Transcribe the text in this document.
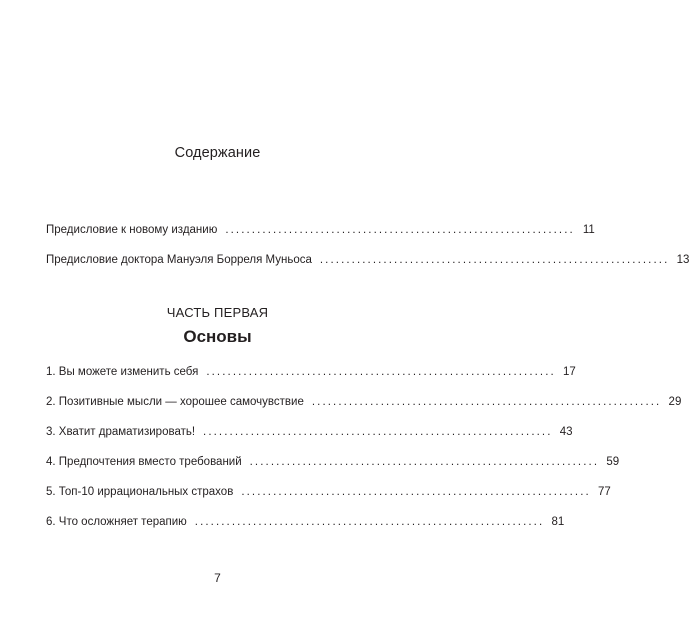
Содержание
Предисловие к новому изданию .................................................................. 11
Предисловие доктора Мануэля Борреля Муньоса .................................................................. 13
ЧАСТЬ ПЕРВАЯ
Основы
1. Вы можете изменить себя .................................................................. 17
2. Позитивные мысли — хорошее самочувствие .................................................................. 29
3. Хватит драматизировать! .................................................................. 43
4. Предпочтения вместо требований .................................................................. 59
5. Топ-10 иррациональных страхов .................................................................. 77
6. Что осложняет терапию .................................................................. 81
7
